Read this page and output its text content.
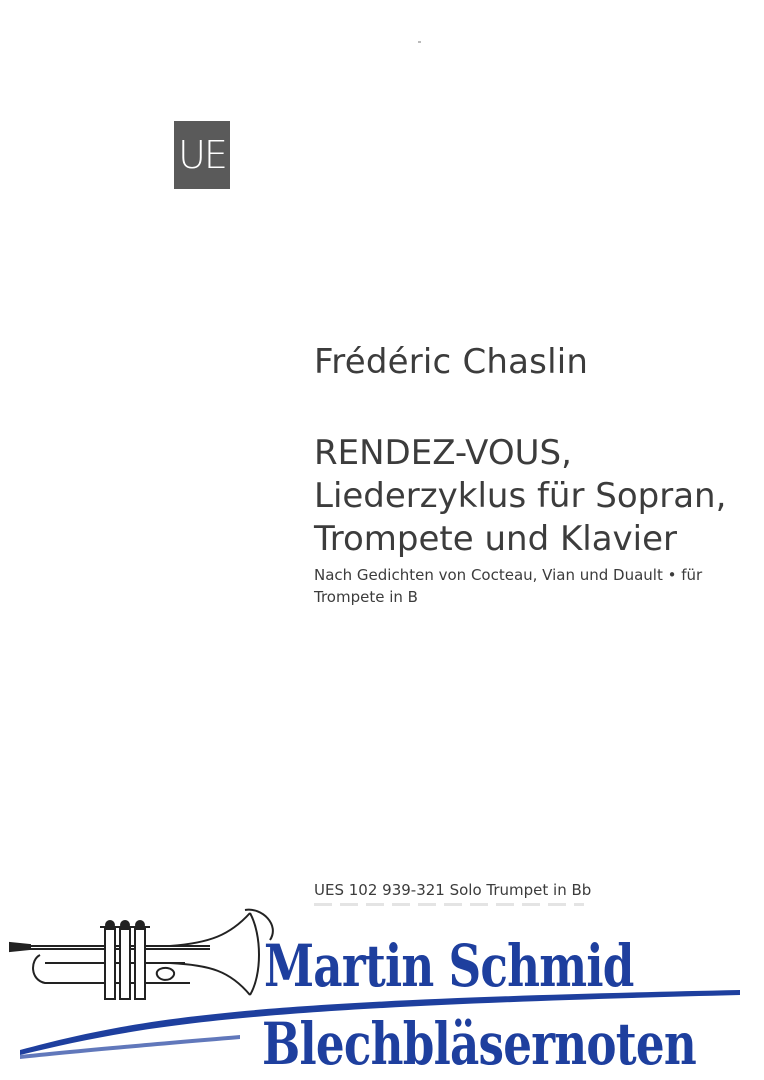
UE
Frédéric Chaslin
RENDEZ-VOUS,
Liederzyklus für Sopran,
Trompete und Klavier
Nach Gedichten von Cocteau, Vian und Duault • für Trompete in B
UES 102 939-321 Solo Trumpet in Bb
Martin Schmid
Blechbläsernoten
